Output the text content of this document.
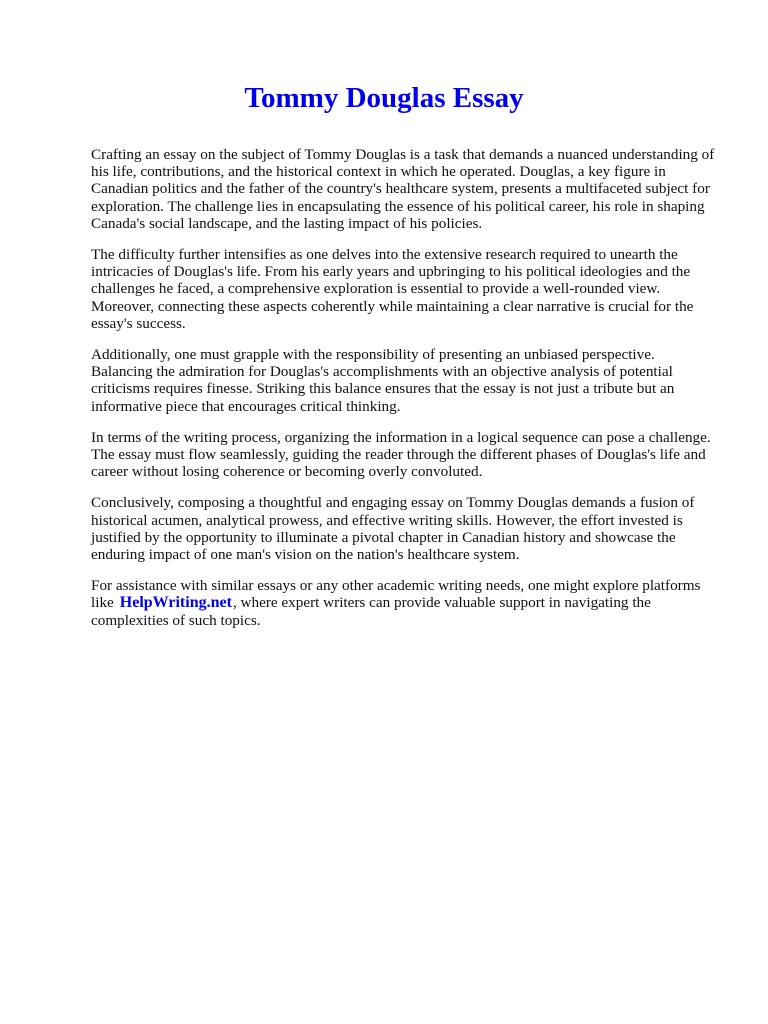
Tommy Douglas Essay

Crafting an essay on the subject of Tommy Douglas is a task that demands a nuanced understanding of his life, contributions, and the historical context in which he operated. Douglas, a key figure in Canadian politics and the father of the country's healthcare system, presents a multifaceted subject for exploration. The challenge lies in encapsulating the essence of his political career, his role in shaping Canada's social landscape, and the lasting impact of his policies.

The difficulty further intensifies as one delves into the extensive research required to unearth the intricacies of Douglas's life. From his early years and upbringing to his political ideologies and the challenges he faced, a comprehensive exploration is essential to provide a well-rounded view. Moreover, connecting these aspects coherently while maintaining a clear narrative is crucial for the essay's success.

Additionally, one must grapple with the responsibility of presenting an unbiased perspective. Balancing the admiration for Douglas's accomplishments with an objective analysis of potential criticisms requires finesse. Striking this balance ensures that the essay is not just a tribute but an informative piece that encourages critical thinking.

In terms of the writing process, organizing the information in a logical sequence can pose a challenge. The essay must flow seamlessly, guiding the reader through the different phases of Douglas's life and career without losing coherence or becoming overly convoluted.

Conclusively, composing a thoughtful and engaging essay on Tommy Douglas demands a fusion of historical acumen, analytical prowess, and effective writing skills. However, the effort invested is justified by the opportunity to illuminate a pivotal chapter in Canadian history and showcase the enduring impact of one man's vision on the nation's healthcare system.

For assistance with similar essays or any other academic writing needs, one might explore platforms like HelpWriting.net, where expert writers can provide valuable support in navigating the complexities of such topics.
